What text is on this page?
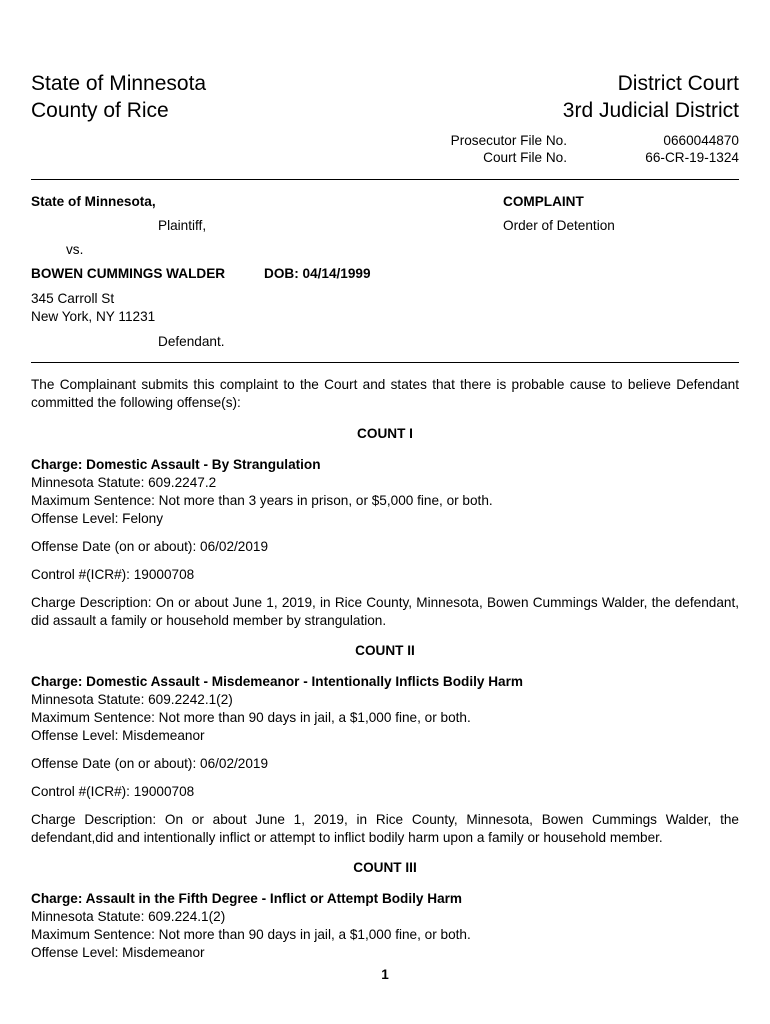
State of Minnesota
County of Rice
District Court
3rd Judicial District
Prosecutor File No.	0660044870
Court File No.	66-CR-19-1324
State of Minnesota,
Plaintiff,
vs.
BOWEN CUMMINGS WALDER	DOB: 04/14/1999
345 Carroll St
New York, NY 11231
Defendant.
COMPLAINT
Order of Detention
The Complainant submits this complaint to the Court and states that there is probable cause to believe Defendant committed the following offense(s):
COUNT I
Charge: Domestic Assault - By Strangulation
Minnesota Statute: 609.2247.2
Maximum Sentence: Not more than 3 years in prison, or $5,000 fine, or both.
Offense Level: Felony
Offense Date (on or about): 06/02/2019
Control #(ICR#): 19000708
Charge Description: On or about June 1, 2019, in Rice County, Minnesota, Bowen Cummings Walder, the defendant, did assault a family or household member by strangulation.
COUNT II
Charge: Domestic Assault - Misdemeanor - Intentionally Inflicts Bodily Harm
Minnesota Statute: 609.2242.1(2)
Maximum Sentence: Not more than 90 days in jail, a $1,000 fine, or both.
Offense Level: Misdemeanor
Offense Date (on or about): 06/02/2019
Control #(ICR#): 19000708
Charge Description: On or about June 1, 2019, in Rice County, Minnesota, Bowen Cummings Walder, the defendant,did and intentionally inflict or attempt to inflict bodily harm upon a family or household member.
COUNT III
Charge: Assault in the Fifth Degree - Inflict or Attempt Bodily Harm
Minnesota Statute: 609.224.1(2)
Maximum Sentence: Not more than 90 days in jail, a $1,000 fine, or both.
Offense Level: Misdemeanor
1
